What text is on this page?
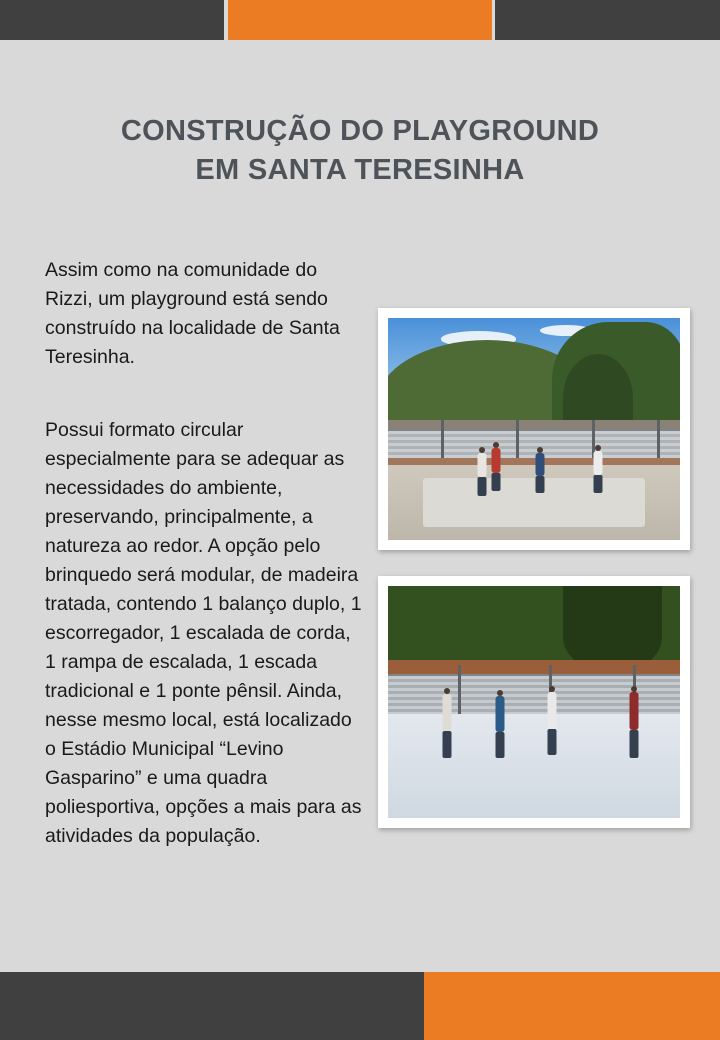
CONSTRUÇÃO DO PLAYGROUND
EM SANTA TERESINHA

Assim como na comunidade do Rizzi, um playground está sendo construído na localidade de Santa Teresinha.

Possui formato circular especialmente para se adequar as necessidades do ambiente, preservando, principalmente, a natureza ao redor. A opção pelo brinquedo será modular, de madeira tratada, contendo 1 balanço duplo, 1 escorregador, 1 escalada de corda, 1 rampa de escalada, 1 escada tradicional e 1 ponte pênsil. Ainda, nesse mesmo local, está localizado o Estádio Municipal “Levino Gasparino” e uma quadra poliesportiva, opções a mais para as atividades da população.
